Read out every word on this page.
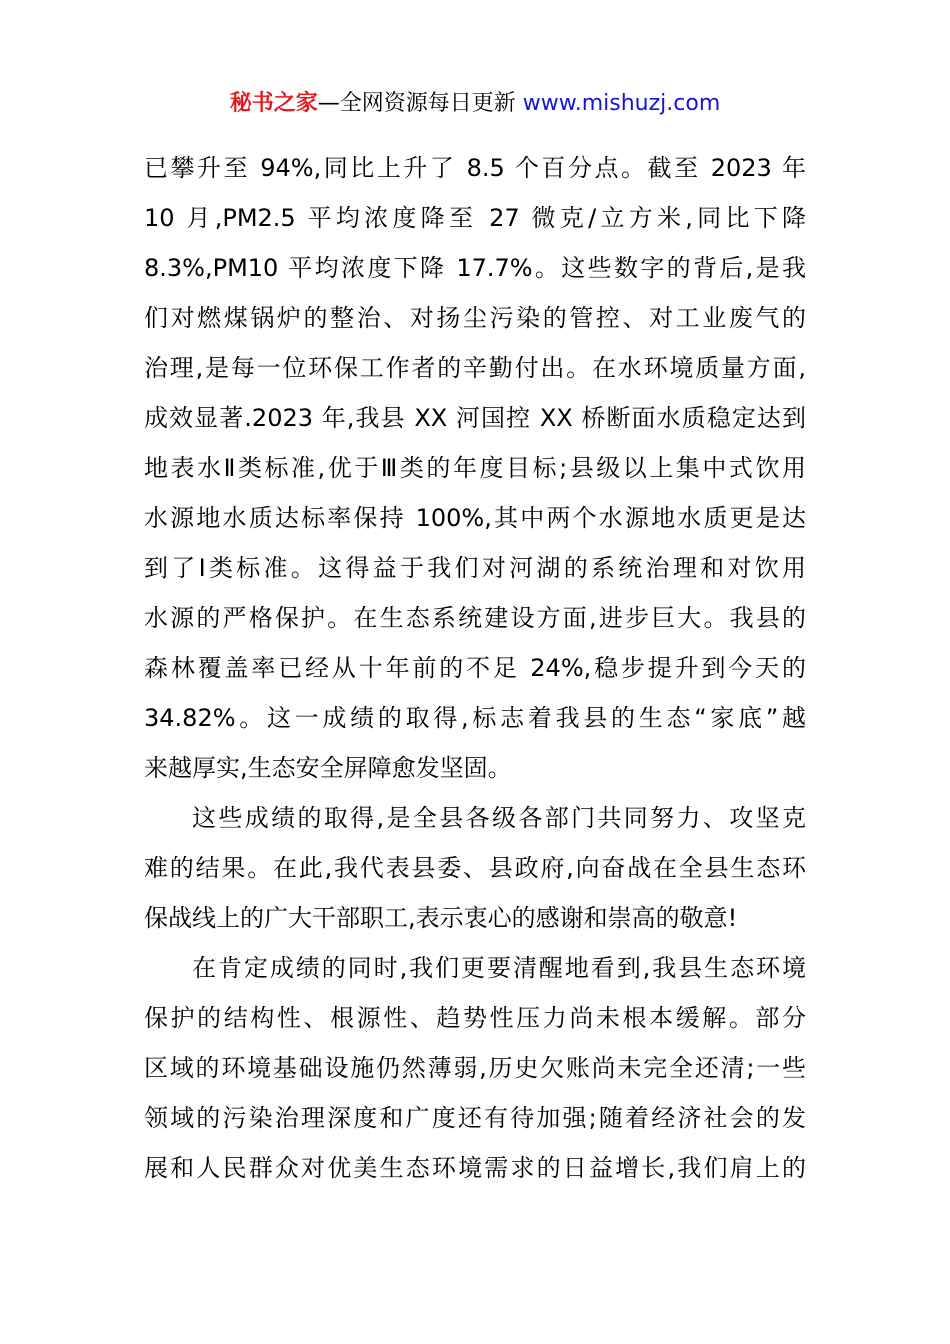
秘书之家—全网资源每日更新 www.mishuzj.com
已攀升至 94%,同比上升了 8.5 个百分点。截至 2023 年
10 月,PM2.5 平均浓度降至 27 微克/立方米,同比下降
8.3%,PM10 平均浓度下降 17.7%。这些数字的背后,是我
们对燃煤锅炉的整治、对扬尘污染的管控、对工业废气的
治理,是每一位环保工作者的辛勤付出。在水环境质量方面,
成效显著.2023 年,我县 XX 河国控 XX 桥断面水质稳定达到
地表水Ⅱ类标准,优于Ⅲ类的年度目标;县级以上集中式饮用
水源地水质达标率保持 100%,其中两个水源地水质更是达
到了Ⅰ类标准。这得益于我们对河湖的系统治理和对饮用
水源的严格保护。在生态系统建设方面,进步巨大。我县的
森林覆盖率已经从十年前的不足 24%,稳步提升到今天的
34.82%。这一成绩的取得,标志着我县的生态“家底”越
来越厚实,生态安全屏障愈发坚固。
这些成绩的取得,是全县各级各部门共同努力、攻坚克
难的结果。在此,我代表县委、县政府,向奋战在全县生态环
保战线上的广大干部职工,表示衷心的感谢和崇高的敬意!
在肯定成绩的同时,我们更要清醒地看到,我县生态环境
保护的结构性、根源性、趋势性压力尚未根本缓解。部分
区域的环境基础设施仍然薄弱,历史欠账尚未完全还清;一些
领域的污染治理深度和广度还有待加强;随着经济社会的发
展和人民群众对优美生态环境需求的日益增长,我们肩上的
